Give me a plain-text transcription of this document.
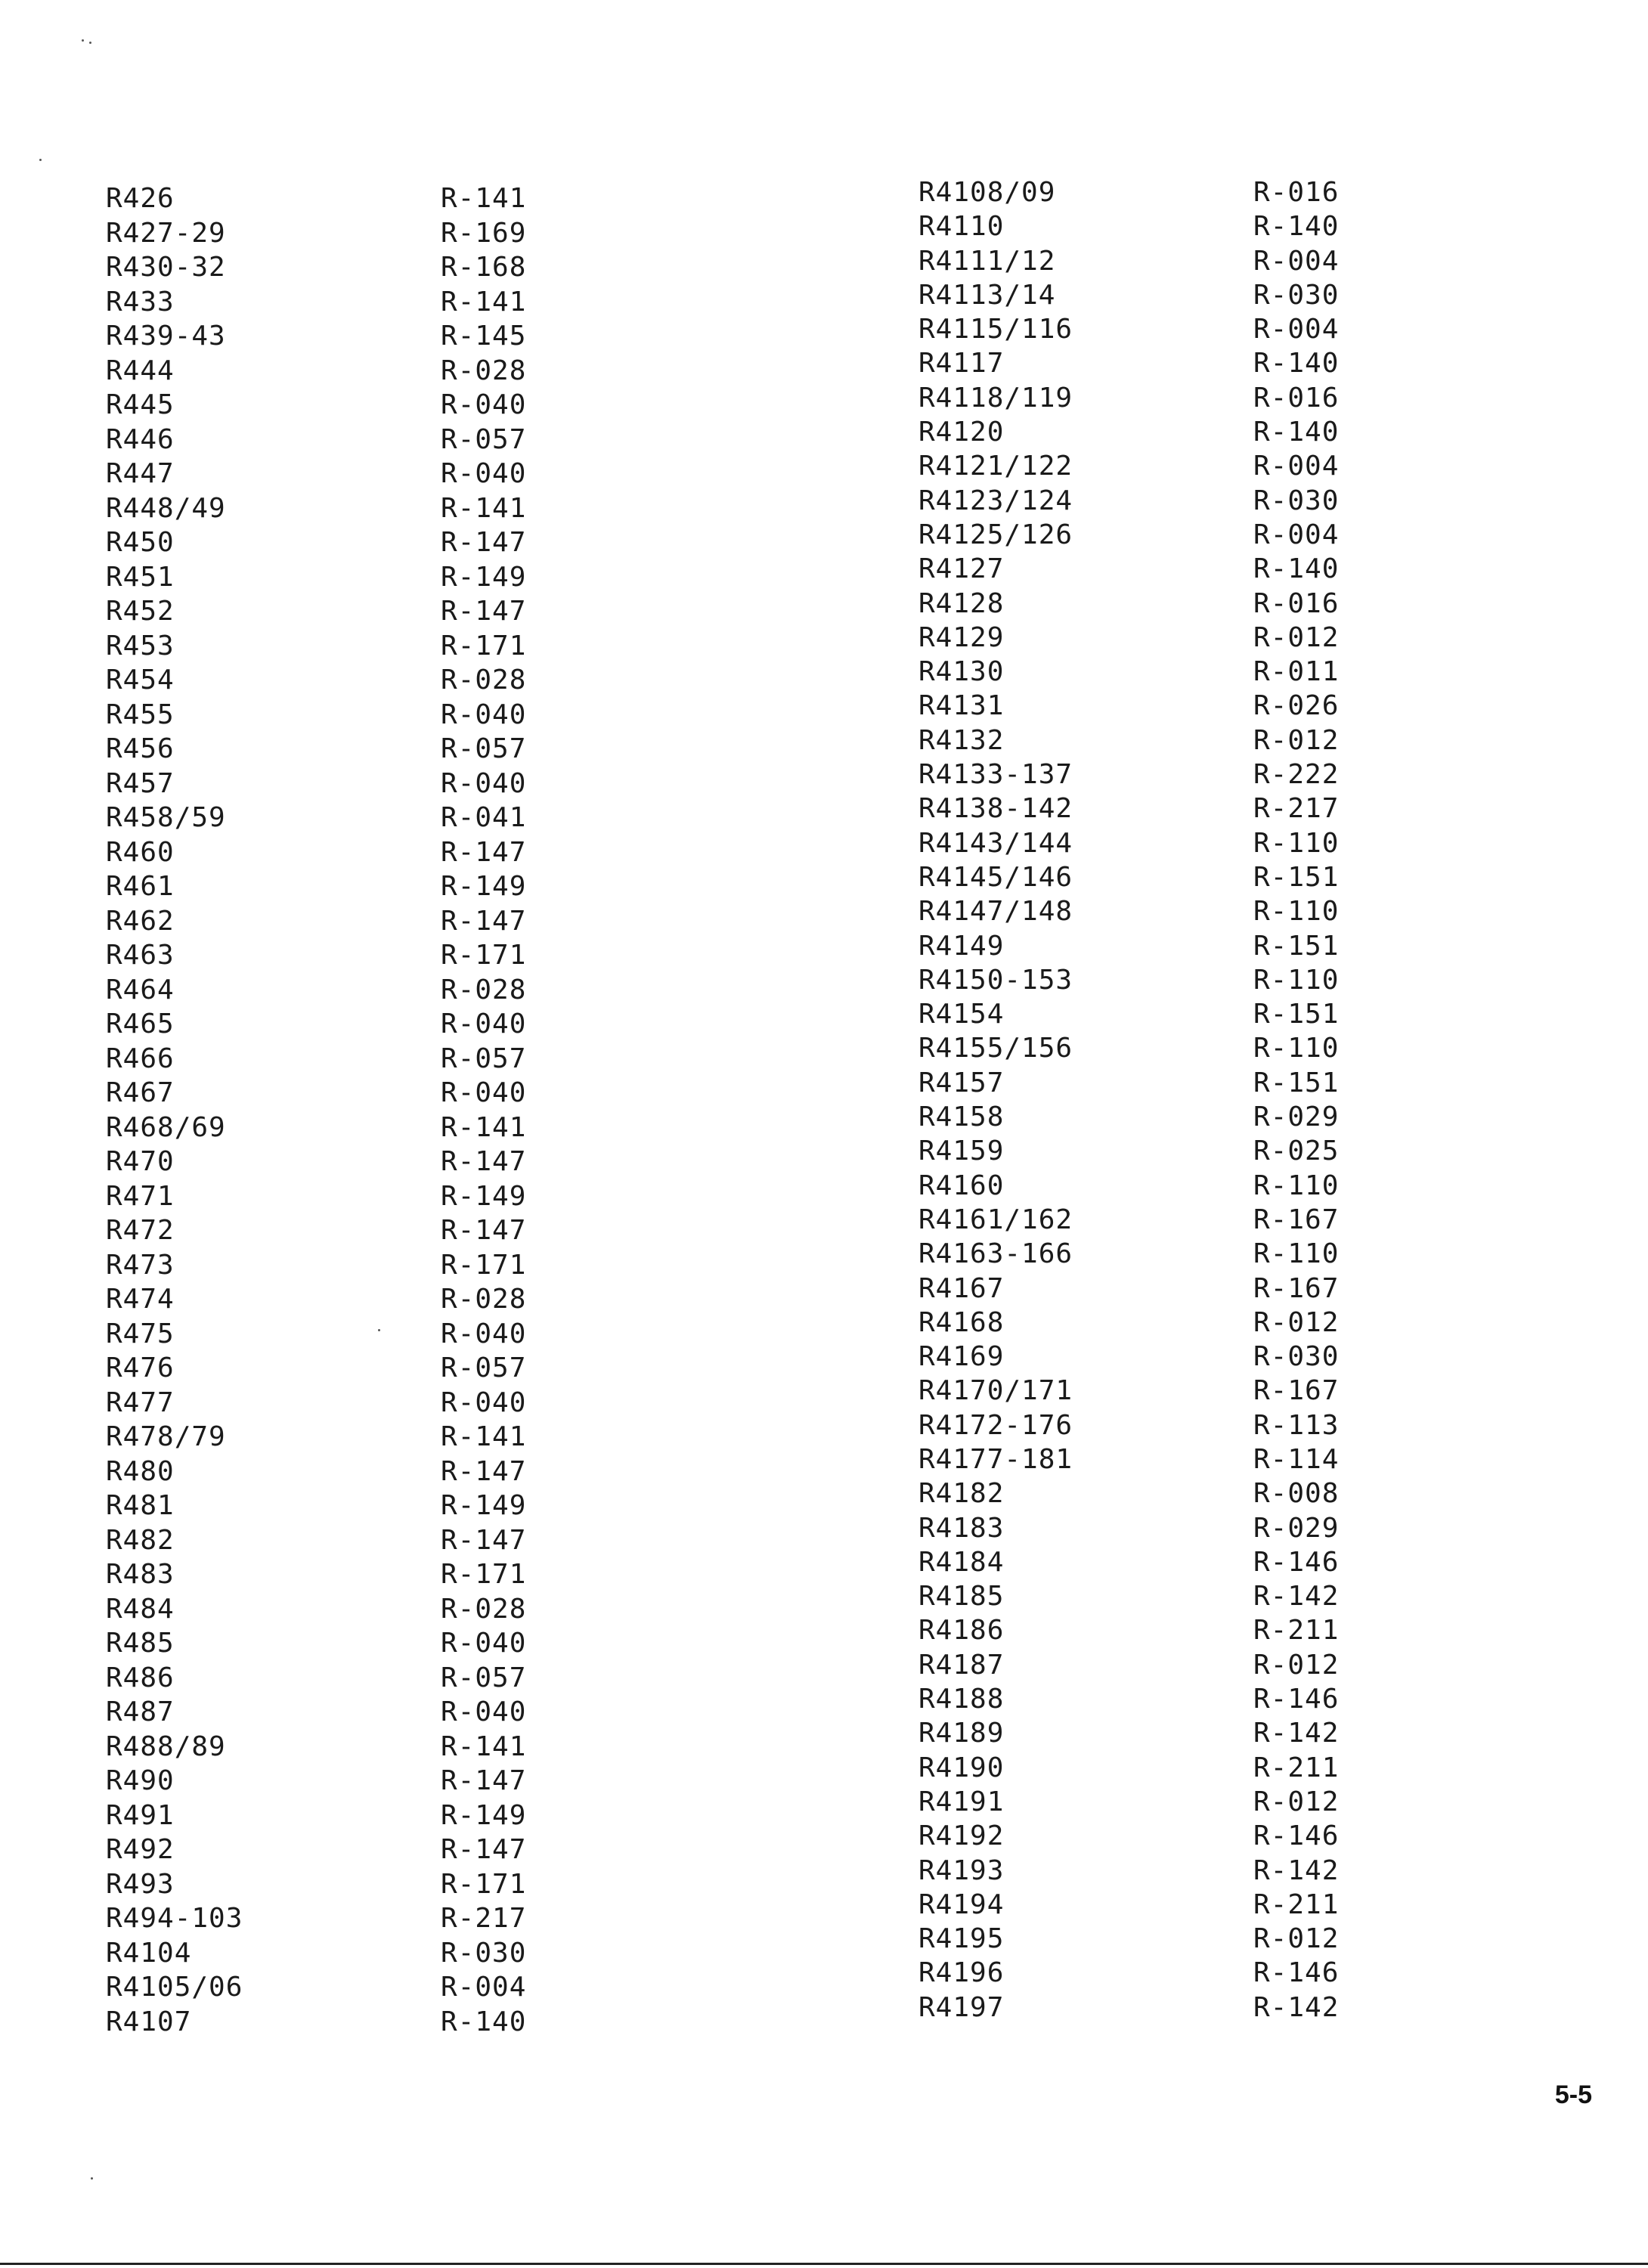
R426	R-141
R427-29	R-169
R430-32	R-168
R433	R-141
R439-43	R-145
R444	R-028
R445	R-040
R446	R-057
R447	R-040
R448/49	R-141
R450	R-147
R451	R-149
R452	R-147
R453	R-171
R454	R-028
R455	R-040
R456	R-057
R457	R-040
R458/59	R-041
R460	R-147
R461	R-149
R462	R-147
R463	R-171
R464	R-028
R465	R-040
R466	R-057
R467	R-040
R468/69	R-141
R470	R-147
R471	R-149
R472	R-147
R473	R-171
R474	R-028
R475	R-040
R476	R-057
R477	R-040
R478/79	R-141
R480	R-147
R481	R-149
R482	R-147
R483	R-171
R484	R-028
R485	R-040
R486	R-057
R487	R-040
R488/89	R-141
R490	R-147
R491	R-149
R492	R-147
R493	R-171
R494-103	R-217
R4104	R-030
R4105/06	R-004
R4107	R-140
R4108/09	R-016
R4110	R-140
R4111/12	R-004
R4113/14	R-030
R4115/116	R-004
R4117	R-140
R4118/119	R-016
R4120	R-140
R4121/122	R-004
R4123/124	R-030
R4125/126	R-004
R4127	R-140
R4128	R-016
R4129	R-012
R4130	R-011
R4131	R-026
R4132	R-012
R4133-137	R-222
R4138-142	R-217
R4143/144	R-110
R4145/146	R-151
R4147/148	R-110
R4149	R-151
R4150-153	R-110
R4154	R-151
R4155/156	R-110
R4157	R-151
R4158	R-029
R4159	R-025
R4160	R-110
R4161/162	R-167
R4163-166	R-110
R4167	R-167
R4168	R-012
R4169	R-030
R4170/171	R-167
R4172-176	R-113
R4177-181	R-114
R4182	R-008
R4183	R-029
R4184	R-146
R4185	R-142
R4186	R-211
R4187	R-012
R4188	R-146
R4189	R-142
R4190	R-211
R4191	R-012
R4192	R-146
R4193	R-142
R4194	R-211
R4195	R-012
R4196	R-146
R4197	R-142
5-5
